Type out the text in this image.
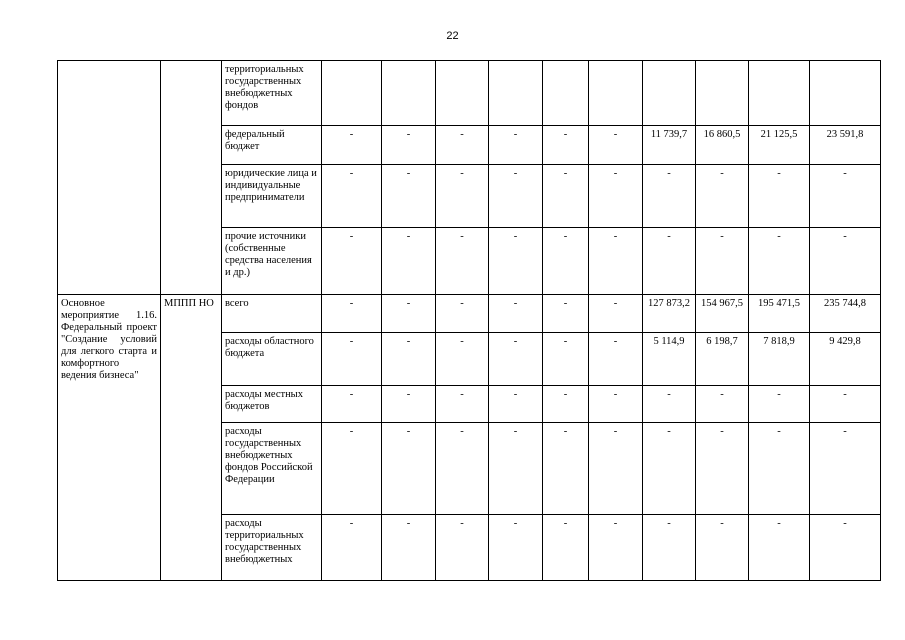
22
		территориальных государственных внебюджетных фондов										
		федеральный бюджет	-	-	-	-	-	-	11 739,7	16 860,5	21 125,5	23 591,8
		юридические лица и индивидуальные предприниматели	-	-	-	-	-	-	-	-	-	-
		прочие источники (собственные средства населения и др.)	-	-	-	-	-	-	-	-	-	-
Основное мероприятие 1.16. Федеральный проект "Создание условий для легкого старта и комфортного ведения бизнеса"	МППП НО	всего	-	-	-	-	-	-	127 873,2	154 967,5	195 471,5	235 744,8
		расходы областного бюджета	-	-	-	-	-	-	5 114,9	6 198,7	7 818,9	9 429,8
		расходы местных бюджетов	-	-	-	-	-	-	-	-	-	-
		расходы государственных внебюджетных фондов Российской Федерации	-	-	-	-	-	-	-	-	-	-
		расходы территориальных государственных внебюджетных	-	-	-	-	-	-	-	-	-	-
